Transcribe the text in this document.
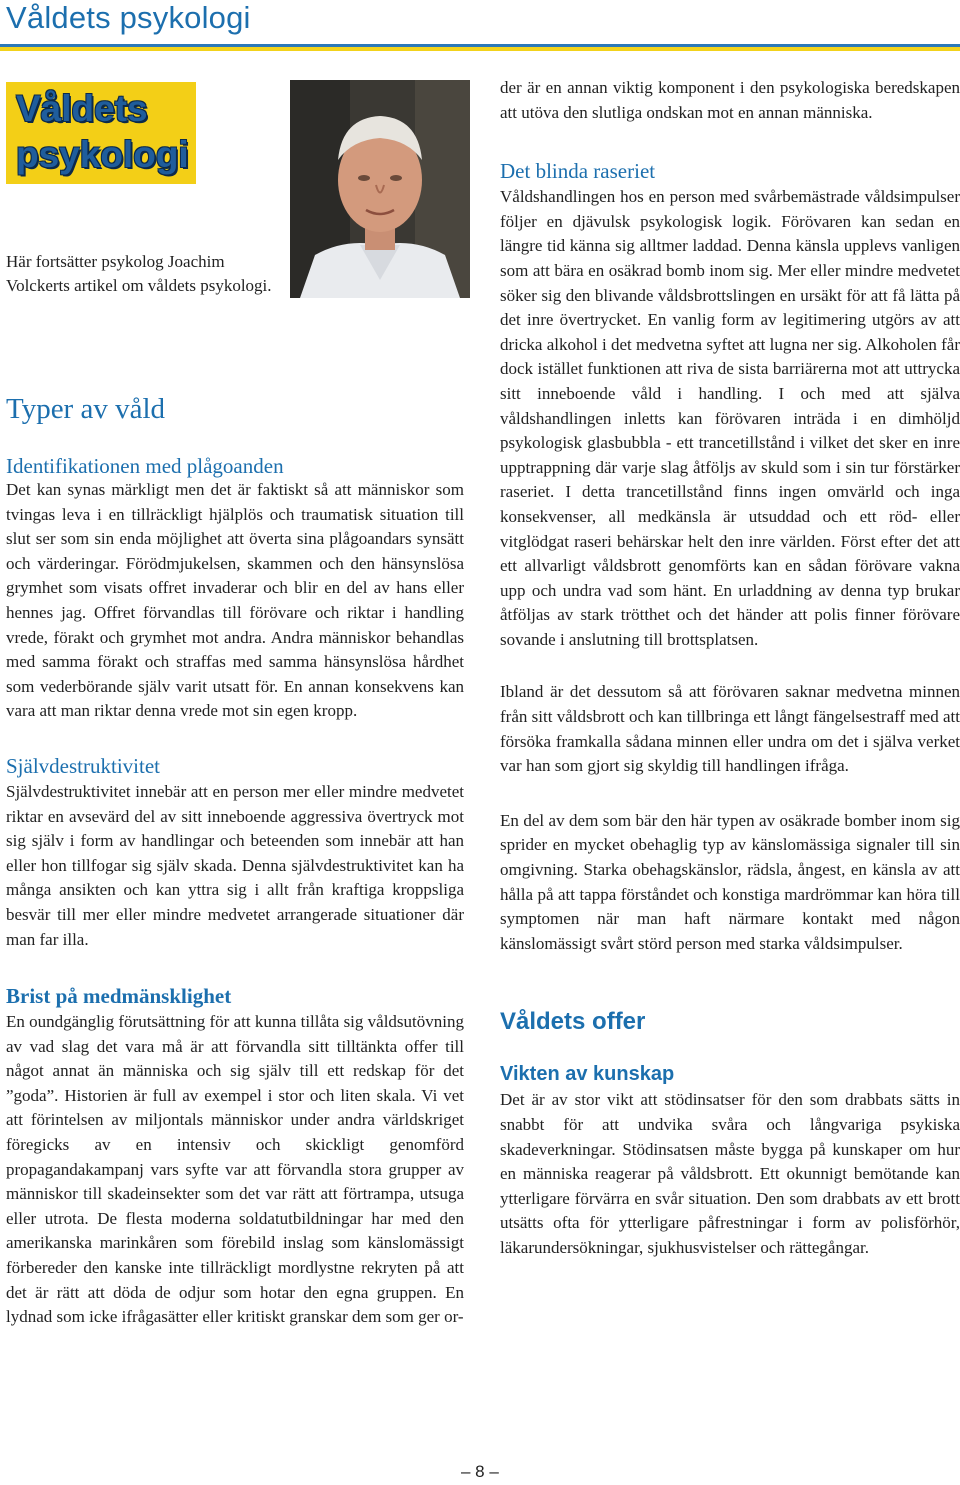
Våldets psykologi
Våldets
psykologi
Här fortsätter psykolog Joachim Volckerts artikel om våldets psykologi.
Typer av våld
Identifikationen med plågoanden

Det kan synas märkligt men det är faktiskt så att människor som tvingas leva i en tillräckligt hjälplös och traumatisk situation till slut ser som sin enda möjlighet att överta sina plågoandars synsätt och värderingar. Förödmjukelsen, skammen och den hänsynslösa grymhet som visats offret invaderar och blir en del av hans eller hennes jag. Offret förvandlas till förövare och riktar i handling vrede, förakt och grymhet mot andra. Andra människor behandlas med samma förakt och straffas med samma hänsynslösa hårdhet som vederbörande själv varit utsatt för. En annan konsekvens kan vara att man riktar denna vrede mot sin egen kropp.

Självdestruktivitet

Självdestruktivitet innebär att en person mer eller mindre medvetet riktar en avsevärd del av sitt inneboende aggressiva övertryck mot sig själv i form av handlingar och beteenden som innebär att han eller hon tillfogar sig själv skada. Denna självdestruktivitet kan ha många ansikten och kan yttra sig i allt från kraftiga kroppsliga besvär till mer eller mindre medvetet arrangerade situationer där man far illa.

Brist på medmänsklighet

En oundgänglig förutsättning för att kunna tillåta sig våldsutövning av vad slag det vara må är att förvandla sitt tilltänkta offer till något annat än människa och sig själv till ett redskap för det ”goda”. Historien är full av exempel i stor och liten skala. Vi vet att förintelsen av miljontals människor under andra världskriget föregicks av en intensiv och skickligt genomförd propagandakampanj vars syfte var att förvandla stora grupper av människor till skadeinsekter som det var rätt att förtrampa, utsuga eller utrota. De flesta moderna soldatutbildningar har med den amerikanska marinkåren som förebild inslag som känslomässigt förbereder den kanske inte tillräckligt mordlystne rekryten på att det är rätt att döda de odjur som hotar den egna gruppen. En lydnad som icke ifrågasätter eller kritiskt granskar dem som ger or-

der är en annan viktig komponent i den psykologiska beredskapen att utöva den slutliga ondskan mot en annan människa.

Det blinda raseriet

Våldshandlingen hos en person med svårbemästrade våldsimpulser följer en djävulsk psykologisk logik. Förövaren kan sedan en längre tid känna sig alltmer laddad. Denna känsla upplevs vanligen som att bära en osäkrad bomb inom sig. Mer eller mindre medvetet söker sig den blivande våldsbrottslingen en ursäkt för att få lätta på det inre övertrycket. En vanlig form av legitimering utgörs av att dricka alkohol i det medvetna syftet att lugna ner sig. Alkoholen får dock istället funktionen att riva de sista barriärerna mot att uttrycka sitt inneboende våld i handling. I och med att själva våldshandlingen inletts kan förövaren inträda i en dimhöljd psykologisk glasbubbla - ett trancetillstånd i vilket det sker en inre upptrappning där varje slag åtföljs av skuld som i sin tur förstärker raseriet. I detta trancetillstånd finns ingen omvärld och inga konsekvenser, all medkänsla är utsuddad och ett röd- eller vitglödgat raseri behärskar helt den inre världen. Först efter det att ett allvarligt våldsbrott genomförts kan en sådan förövare vakna upp och undra vad som hänt. En urladdning av denna typ brukar åtföljas av stark trötthet och det händer att polis finner förövare sovande i anslutning till brottsplatsen.

Ibland är det dessutom så att förövaren saknar medvetna minnen från sitt våldsbrott och kan tillbringa ett långt fängelsestraff med att försöka framkalla sådana minnen eller undra om det i själva verket var han som gjort sig skyldig till handlingen ifråga.

En del av dem som bär den här typen av osäkrade bomber inom sig sprider en mycket obehaglig typ av känslomässiga signaler till sin omgivning. Starka obehagskänslor, rädsla, ångest, en känsla av att hålla på att tappa förståndet och konstiga mardrömmar kan höra till symptomen när man haft närmare kontakt med någon känslomässigt svårt störd person med starka våldsimpulser.

Våldets offer
Vikten av kunskap

Det är av stor vikt att stödinsatser för den som drabbats sätts in snabbt för att undvika svåra och långvariga psykiska skadeverkningar. Stödinsatsen måste bygga på kunskaper om hur en människa reagerar på våldsbrott. Ett okunnigt bemötande kan ytterligare förvärra en svår situation. Den som drabbats av ett brott utsätts ofta för ytterligare påfrestningar i form av polisförhör, läkarundersökningar, sjukhusvistelser och rättegångar.

– 8 –
